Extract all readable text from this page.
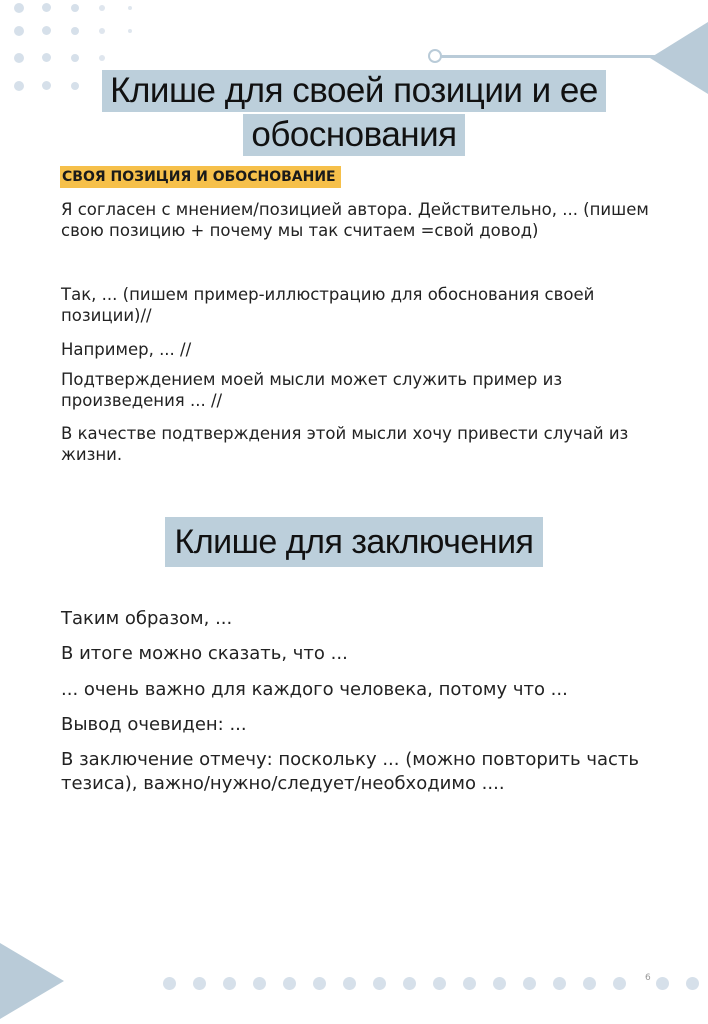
Клише для своей позиции и ее
обоснования
СВОЯ ПОЗИЦИЯ И ОБОСНОВАНИЕ
Я согласен с мнением/позицией автора. Действительно, ... (пишем свою позицию + почему мы так считаем =свой довод)
Так, ... (пишем пример-иллюстрацию для обоснования своей позиции)//
Например, ... //
Подтверждением моей мысли может служить пример из произведения ... //
В качестве подтверждения этой мысли хочу привести случай из жизни.
Клише для заключения
Таким образом, ...
В итоге можно сказать, что ...
... очень важно для каждого человека, потому что ...
Вывод очевиден: ...
В заключение отмечу: поскольку ... (можно повторить часть тезиса), важно/нужно/следует/необходимо ....
6
